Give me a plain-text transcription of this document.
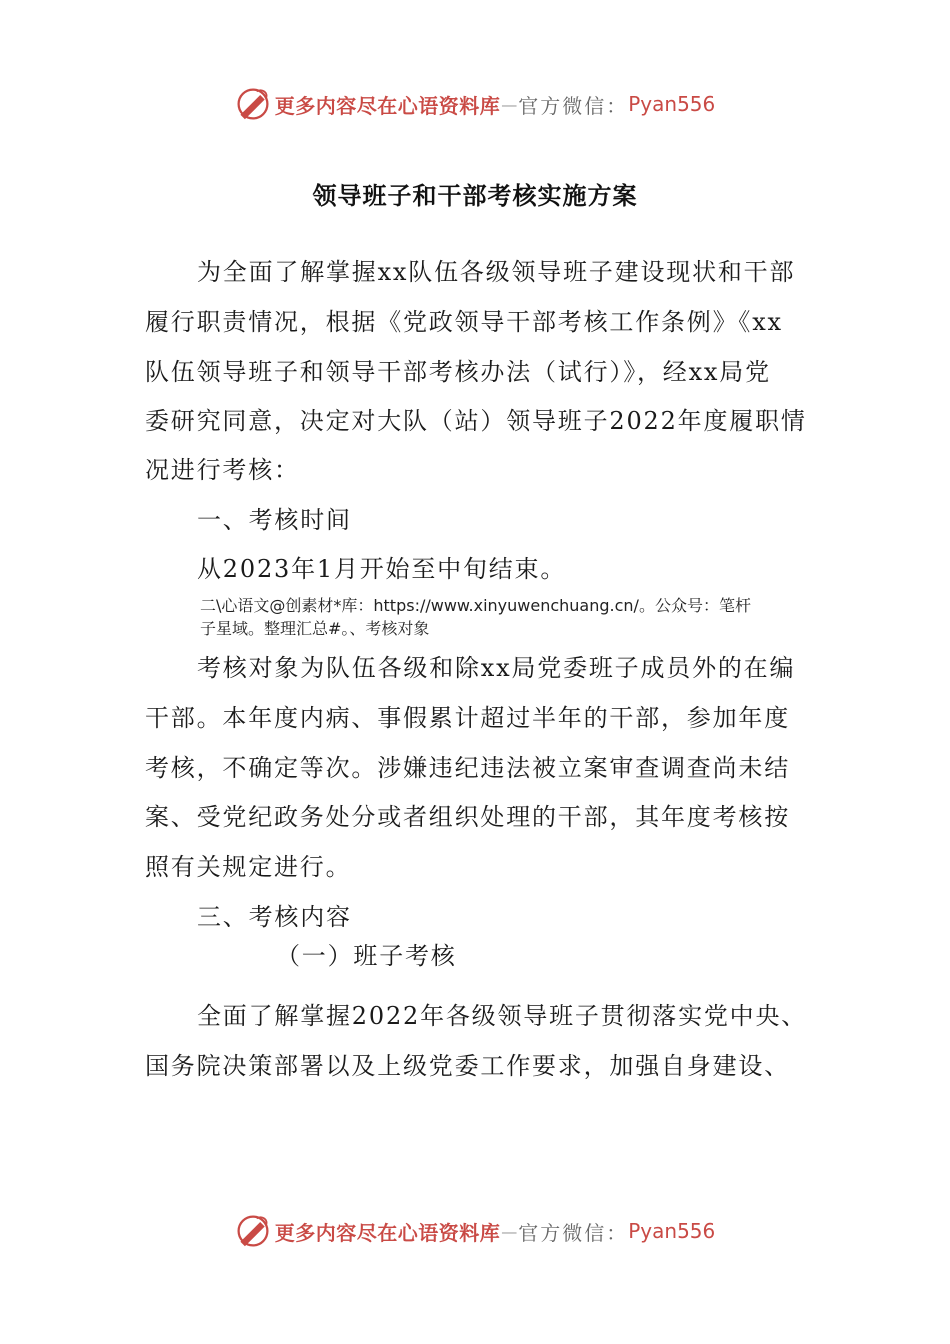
更多内容尽在心语资料库 — 官方微信： Pyan556
领导班子和干部考核实施方案
为全面了解掌握xx队伍各级领导班子建设现状和干部
履行职责情况，根据《党政领导干部考核工作条例》《xx
队伍领导班子和领导干部考核办法（试行）》，经xx局党
委研究同意，决定对大队（站）领导班子2022年度履职情
况进行考核：
一、考核时间
从2023年1月开始至中旬结束。
二\心语文@创素材*库：https://www.xinyuwenchuang.cn/。公众号：笔杆
子星域。整理汇总#。、考核对象
考核对象为队伍各级和除xx局党委班子成员外的在编
干部。本年度内病、事假累计超过半年的干部，参加年度
考核，不确定等次。涉嫌违纪违法被立案审查调查尚未结
案、受党纪政务处分或者组织处理的干部，其年度考核按
照有关规定进行。
三、考核内容
（一）班子考核
全面了解掌握2022年各级领导班子贯彻落实党中央、
国务院决策部署以及上级党委工作要求，加强自身建设、
更多内容尽在心语资料库 — 官方微信： Pyan556
